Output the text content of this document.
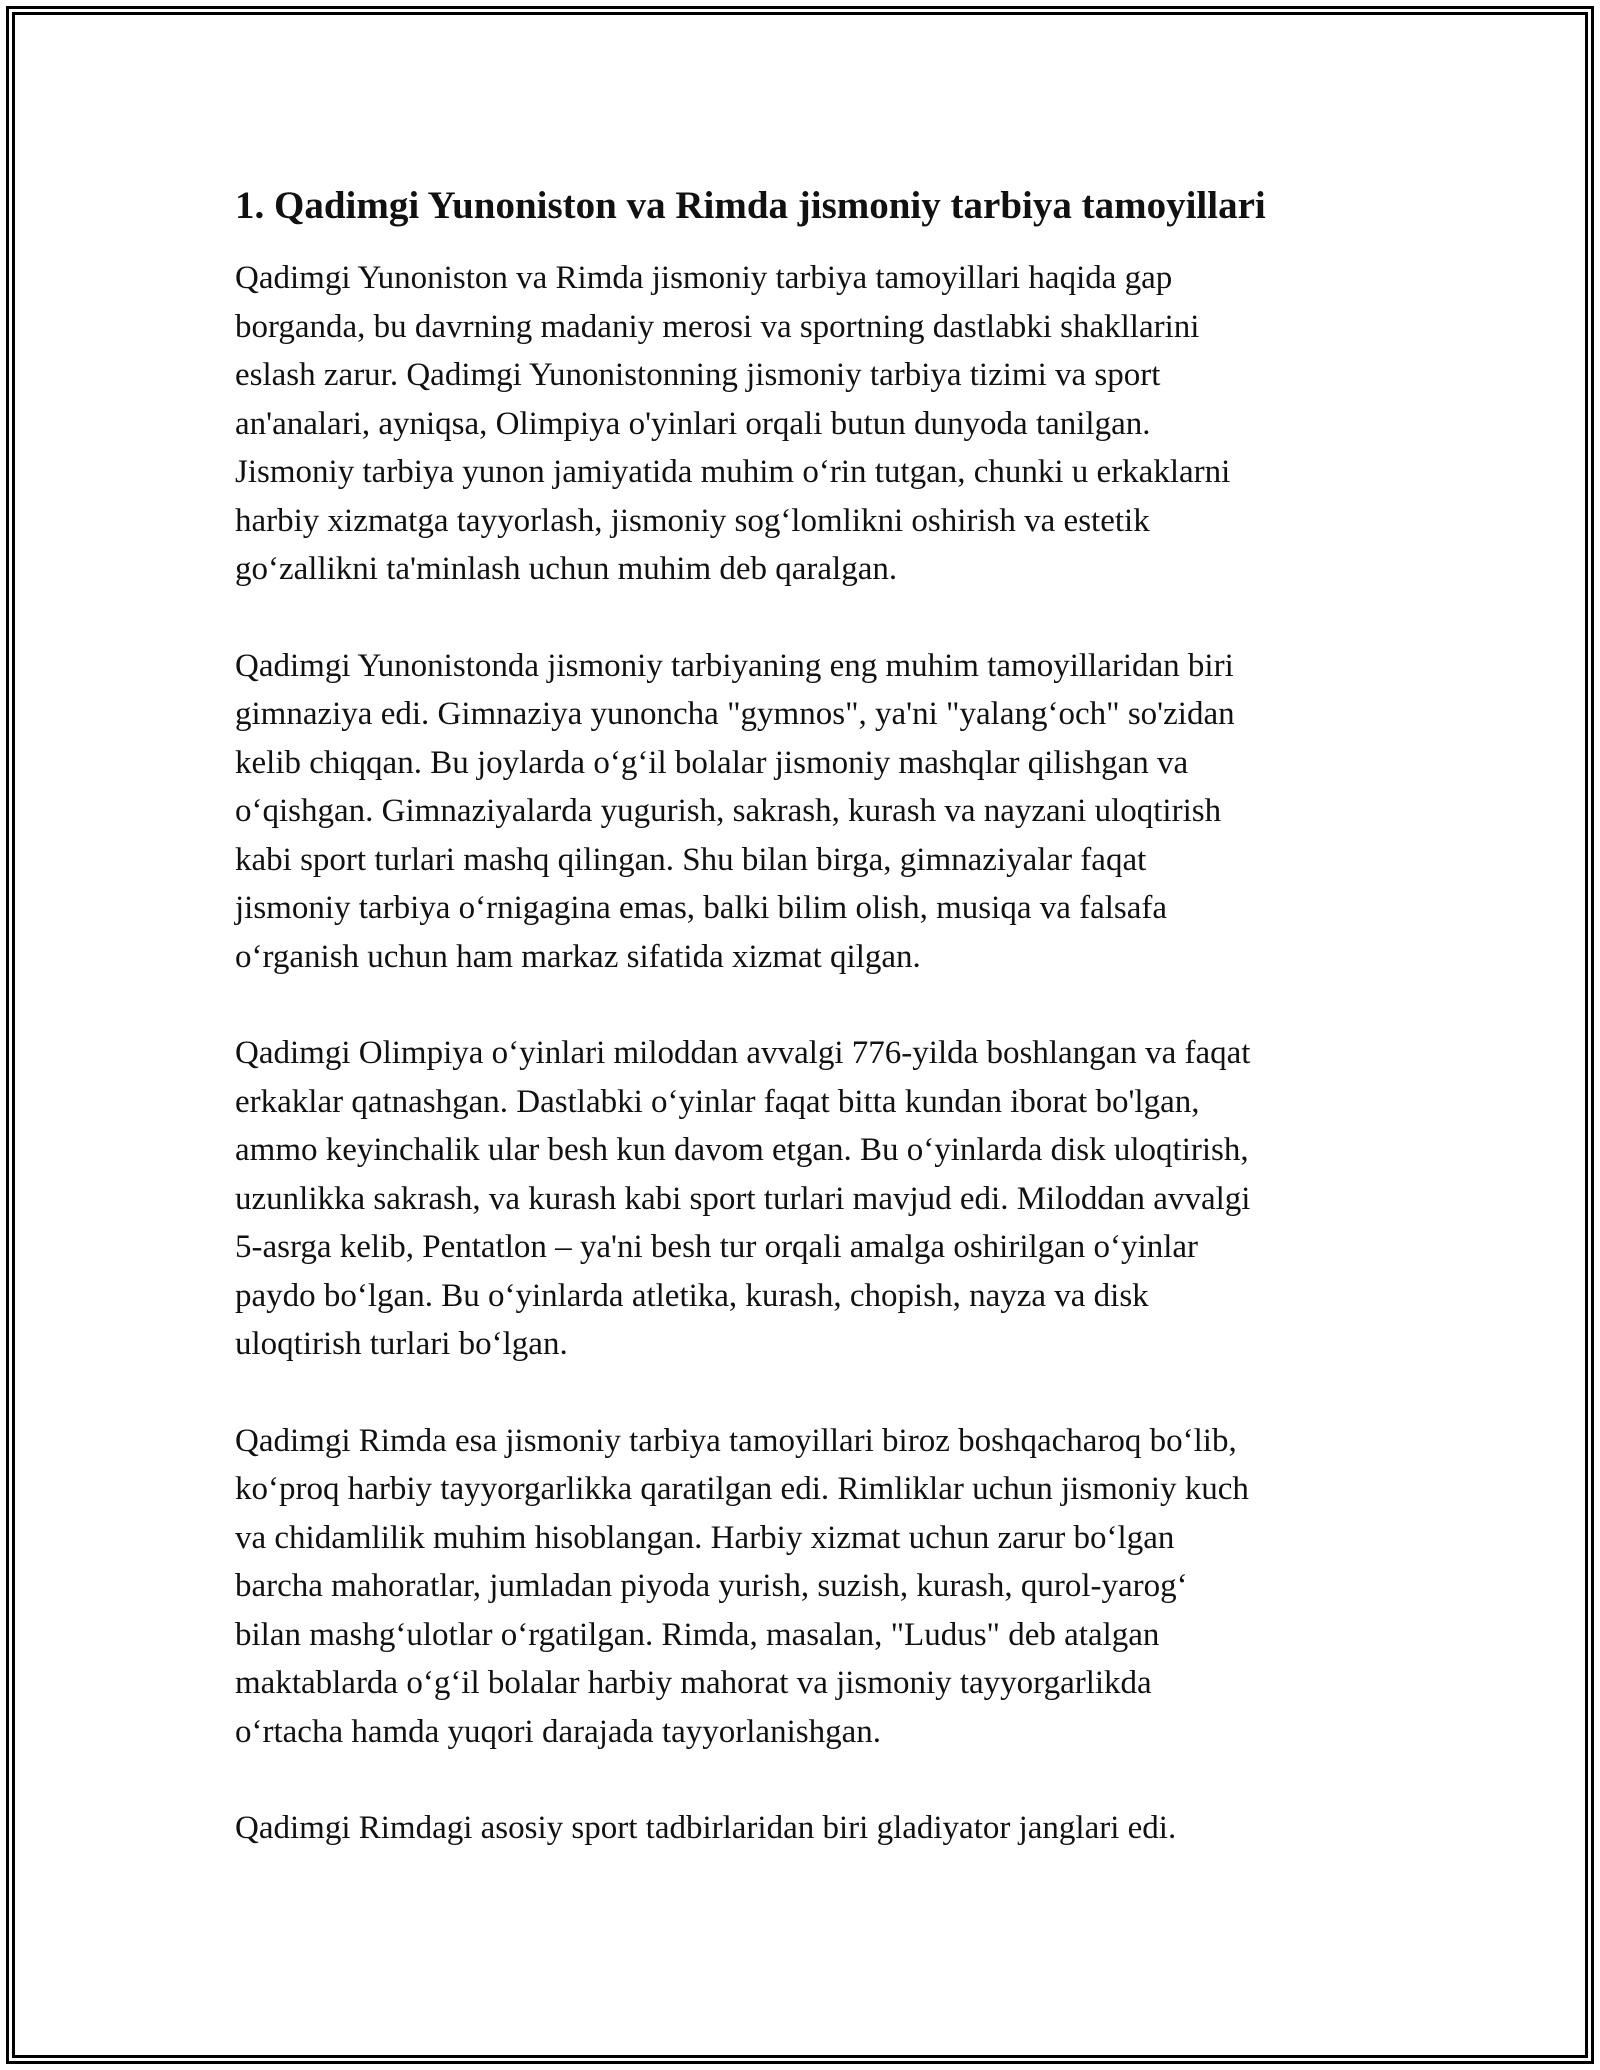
1. Qadimgi Yunoniston va Rimda jismoniy tarbiya tamoyillari

Qadimgi Yunoniston va Rimda jismoniy tarbiya tamoyillari haqida gap
borganda, bu davrning madaniy merosi va sportning dastlabki shakllarini
eslash zarur. Qadimgi Yunonistonning jismoniy tarbiya tizimi va sport
an'analari, ayniqsa, Olimpiya o'yinlari orqali butun dunyoda tanilgan.
Jismoniy tarbiya yunon jamiyatida muhim oʻrin tutgan, chunki u erkaklarni
harbiy xizmatga tayyorlash, jismoniy sogʻlomlikni oshirish va estetik
goʻzallikni ta'minlash uchun muhim deb qaralgan.

Qadimgi Yunonistonda jismoniy tarbiyaning eng muhim tamoyillaridan biri
gimnaziya edi. Gimnaziya yunoncha "gymnos", ya'ni "yalangʻoch" so'zidan
kelib chiqqan. Bu joylarda oʻgʻil bolalar jismoniy mashqlar qilishgan va
oʻqishgan. Gimnaziyalarda yugurish, sakrash, kurash va nayzani uloqtirish
kabi sport turlari mashq qilingan. Shu bilan birga, gimnaziyalar faqat
jismoniy tarbiya oʻrnigagina emas, balki bilim olish, musiqa va falsafa
oʻrganish uchun ham markaz sifatida xizmat qilgan.

Qadimgi Olimpiya oʻyinlari miloddan avvalgi 776-yilda boshlangan va faqat
erkaklar qatnashgan. Dastlabki oʻyinlar faqat bitta kundan iborat bo'lgan,
ammo keyinchalik ular besh kun davom etgan. Bu oʻyinlarda disk uloqtirish,
uzunlikka sakrash, va kurash kabi sport turlari mavjud edi. Miloddan avvalgi
5-asrga kelib, Pentatlon – ya'ni besh tur orqali amalga oshirilgan oʻyinlar
paydo boʻlgan. Bu oʻyinlarda atletika, kurash, chopish, nayza va disk
uloqtirish turlari boʻlgan.

Qadimgi Rimda esa jismoniy tarbiya tamoyillari biroz boshqacharoq boʻlib,
koʻproq harbiy tayyorgarlikka qaratilgan edi. Rimliklar uchun jismoniy kuch
va chidamlilik muhim hisoblangan. Harbiy xizmat uchun zarur boʻlgan
barcha mahoratlar, jumladan piyoda yurish, suzish, kurash, qurol-yarogʻ
bilan mashgʻulotlar oʻrgatilgan. Rimda, masalan, "Ludus" deb atalgan
maktablarda oʻgʻil bolalar harbiy mahorat va jismoniy tayyorgarlikda
oʻrtacha hamda yuqori darajada tayyorlanishgan.

Qadimgi Rimdagi asosiy sport tadbirlaridan biri gladiyator janglari edi.
